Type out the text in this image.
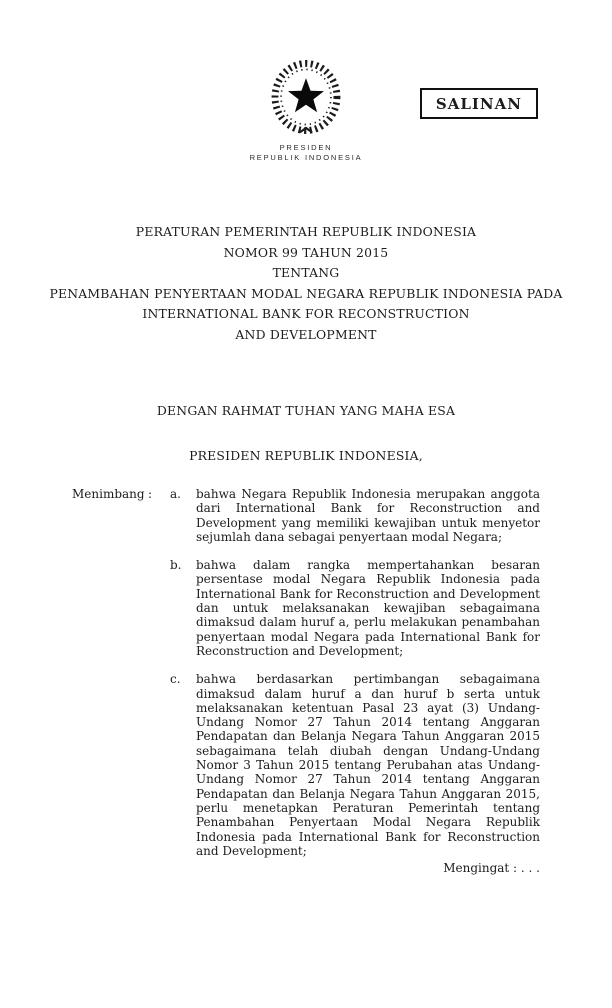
PRESIDEN
REPUBLIK INDONESIA
SALINAN
PERATURAN PEMERINTAH REPUBLIK INDONESIA
NOMOR 99 TAHUN 2015
TENTANG
PENAMBAHAN PENYERTAAN MODAL NEGARA REPUBLIK INDONESIA PADA
INTERNATIONAL BANK FOR RECONSTRUCTION
AND DEVELOPMENT
DENGAN RAHMAT TUHAN YANG MAHA ESA
PRESIDEN REPUBLIK INDONESIA,
Menimbang :	a.	bahwa Negara Republik Indonesia merupakan anggota dari International Bank for Reconstruction and Development yang memiliki kewajiban untuk menyetor sejumlah dana sebagai penyertaan modal Negara;
b.	bahwa dalam rangka mempertahankan besaran persentase modal Negara Republik Indonesia pada International Bank for Reconstruction and Development dan untuk melaksanakan kewajiban sebagaimana dimaksud dalam huruf a, perlu melakukan penambahan penyertaan modal Negara pada International Bank for Reconstruction and Development;
c.	bahwa berdasarkan pertimbangan sebagaimana dimaksud dalam huruf a dan huruf b serta untuk melaksanakan ketentuan Pasal 23 ayat (3) Undang-Undang Nomor 27 Tahun 2014 tentang Anggaran Pendapatan dan Belanja Negara Tahun Anggaran 2015 sebagaimana telah diubah dengan Undang-Undang Nomor 3 Tahun 2015 tentang Perubahan atas Undang-Undang Nomor 27 Tahun 2014 tentang Anggaran Pendapatan dan Belanja Negara Tahun Anggaran 2015, perlu menetapkan Peraturan Pemerintah tentang Penambahan Penyertaan Modal Negara Republik Indonesia pada International Bank for Reconstruction and Development;
Mengingat : . . .
